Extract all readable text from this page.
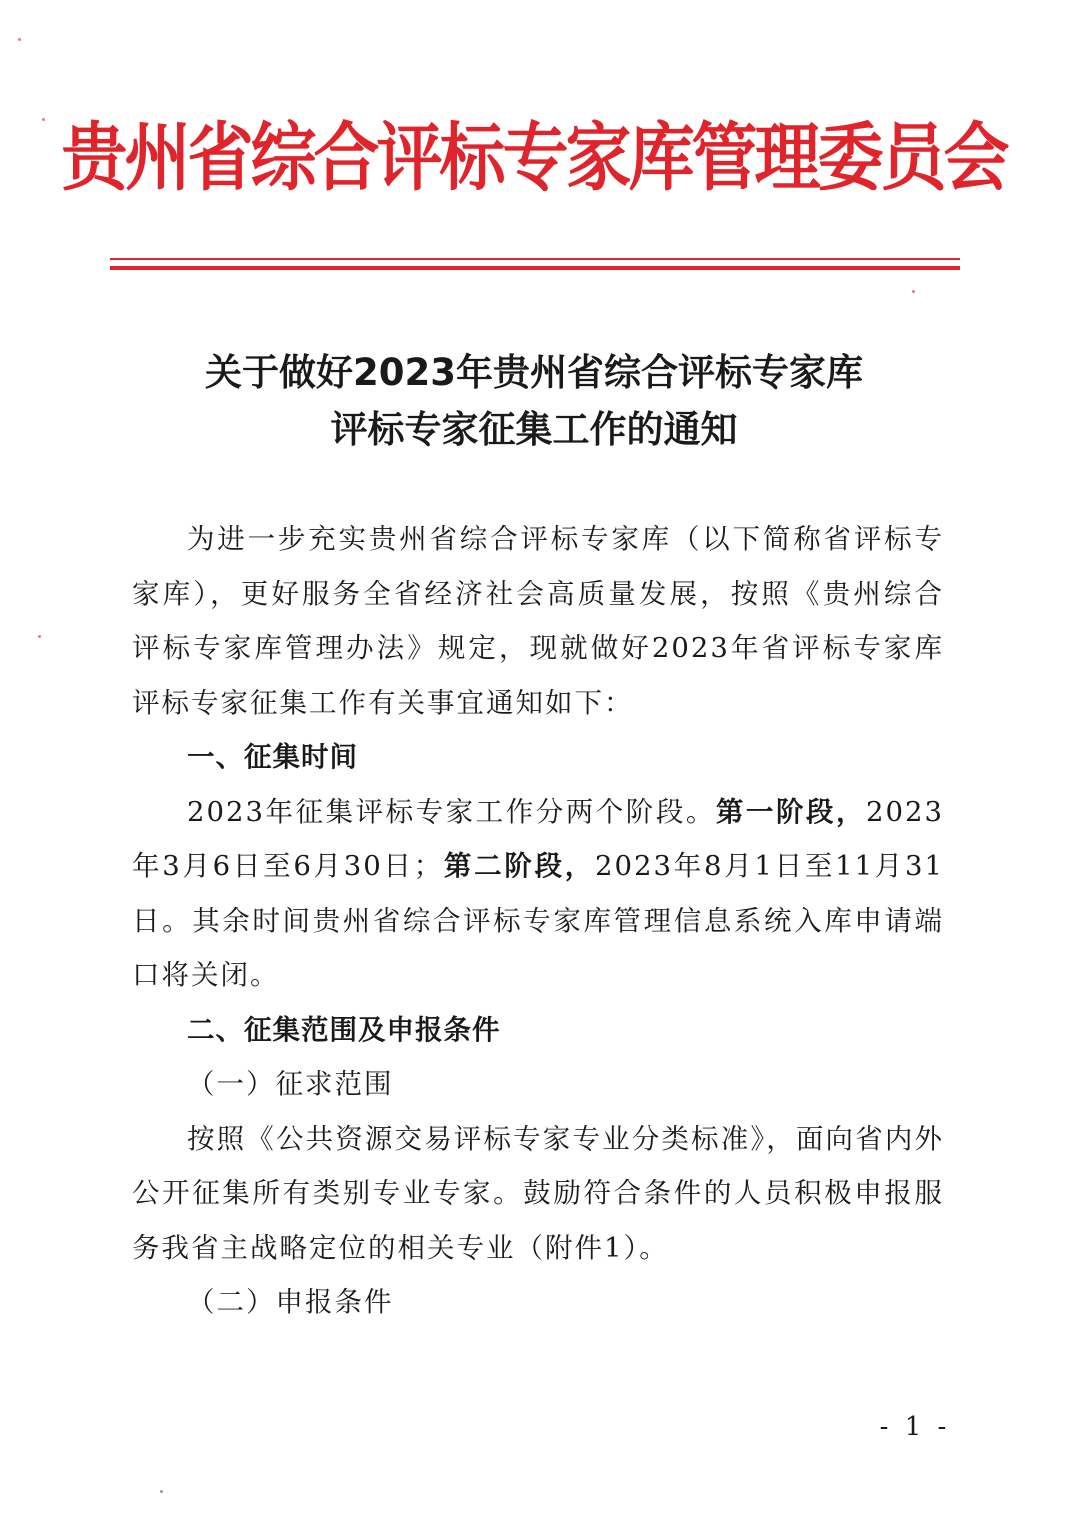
贵州省综合评标专家库管理委员会
关于做好2023年贵州省综合评标专家库
评标专家征集工作的通知

为进一步充实贵州省综合评标专家库（以下简称省评标专家库），更好服务全省经济社会高质量发展，按照《贵州综合评标专家库管理办法》规定，现就做好2023年省评标专家库评标专家征集工作有关事宜通知如下：

一、征集时间

2023年征集评标专家工作分两个阶段。第一阶段，2023年3月6日至6月30日；第二阶段，2023年8月1日至11月31日。其余时间贵州省综合评标专家库管理信息系统入库申请端口将关闭。

二、征集范围及申报条件

（一）征求范围

按照《公共资源交易评标专家专业分类标准》，面向省内外公开征集所有类别专业专家。鼓励符合条件的人员积极申报服务我省主战略定位的相关专业（附件1）。

（二）申报条件

- 1 -
